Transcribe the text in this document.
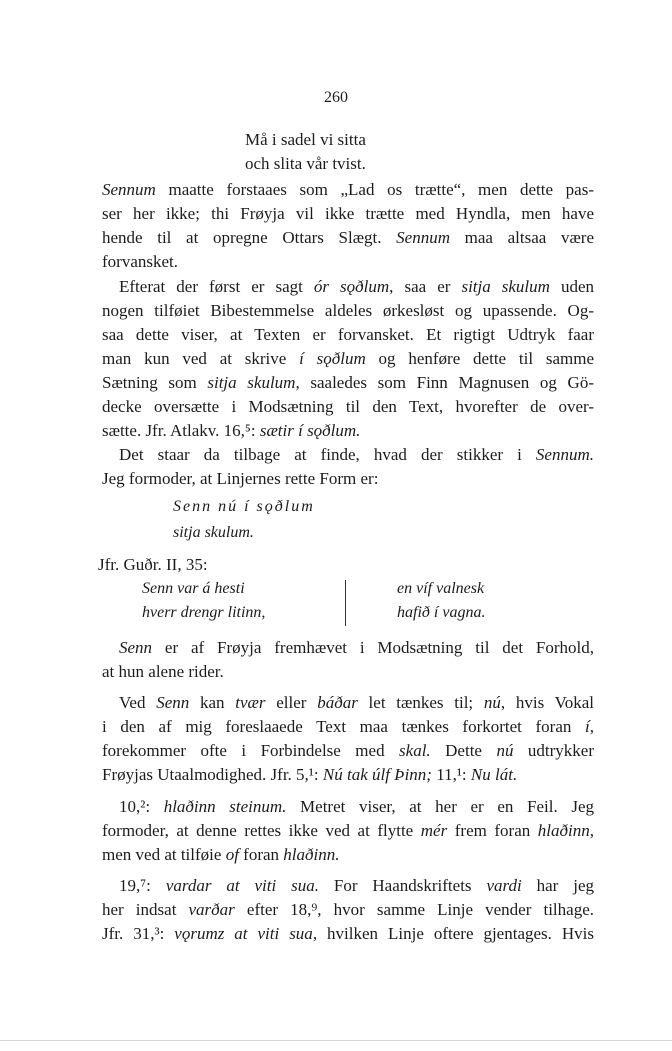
260
Må i sadel vi sitta
och slita vår tvist.
Sennum maatte forstaaes som „Lad os trætte“, men dette pas-
ser her ikke; thi Frøyja vil ikke trætte med Hyndla, men have
hende til at opregne Ottars Slægt. Sennum maa altsaa være
forvansket.
Efterat der først er sagt ór sǫðlum, saa er sitja skulum uden
nogen tilføiet Bibestemmelse aldeles ørkesløst og upassende. Og-
saa dette viser, at Texten er forvansket. Et rigtigt Udtryk faar
man kun ved at skrive í sǫðlum og henføre dette til samme
Sætning som sitja skulum, saaledes som Finn Magnusen og Gö-
decke oversætte i Modsætning til den Text, hvorefter de over-
sætte. Jfr. Atlakv. 16,⁵: sætir í sǫðlum.
Det staar da tilbage at finde, hvad der stikker i Sennum.
Jeg formoder, at Linjernes rette Form er:
Senn nú í sǫðlum
sitja skulum.
Jfr. Guðr. II, 35:
Senn var á hesti
hverr drengr litinn,
en víf valnesk
hafið í vagna.
Senn er af Frøyja fremhævet i Modsætning til det Forhold,
at hun alene rider.
Ved Senn kan tvær eller báðar let tænkes til; nú, hvis Vokal
i den af mig foreslaaede Text maa tænkes forkortet foran í,
forekommer ofte i Forbindelse med skal. Dette nú udtrykker
Frøyjas Utaalmodighed. Jfr. 5,¹: Nú tak úlf Þinn; 11,¹: Nu lát.
10,²: hlaðinn steinum. Metret viser, at her er en Feil. Jeg
formoder, at denne rettes ikke ved at flytte mér frem foran hlaðinn,
men ved at tilføie of foran hlaðinn.
19,⁷: vardar at viti sua. For Haandskriftets vardi har jeg
her indsat varðar efter 18,⁹, hvor samme Linje vender tilhage.
Jfr. 31,³: vǫrumz at viti sua, hvilken Linje oftere gjentages. Hvis
